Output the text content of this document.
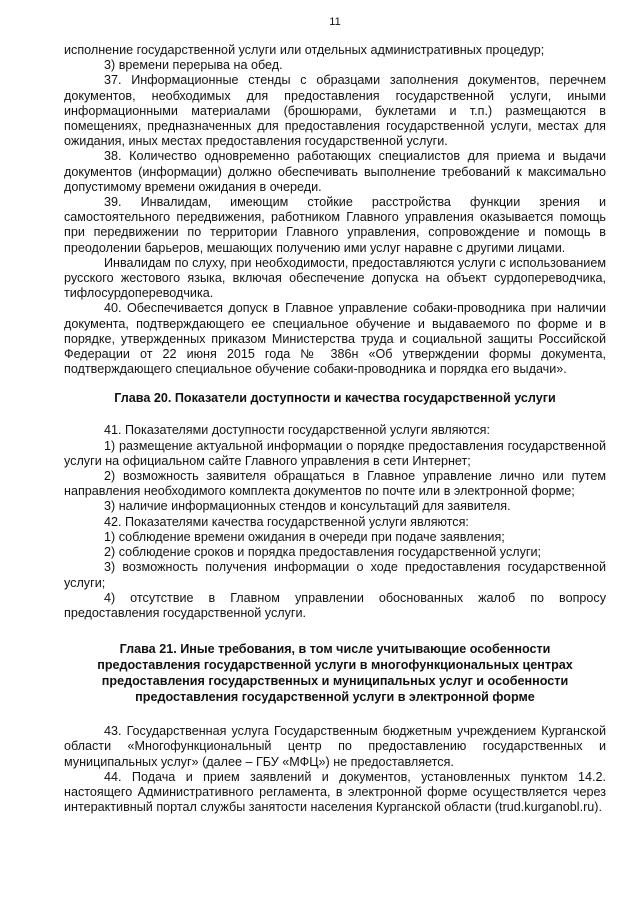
11

исполнение государственной услуги или отдельных административных процедур;

3) времени перерыва на обед.

37. Информационные стенды с образцами заполнения документов, перечнем документов, необходимых для предоставления государственной услуги, иными информационными материалами (брошюрами, буклетами и т.п.) размещаются в помещениях, предназначенных для предоставления государственной услуги, местах для ожидания, иных местах предоставления государственной услуги.

38. Количество одновременно работающих специалистов для приема и выдачи документов (информации) должно обеспечивать выполнение требований к максимально допустимому времени ожидания в очереди.

39. Инвалидам, имеющим стойкие расстройства функции зрения и самостоятельного передвижения, работником Главного управления оказывается помощь при передвижении по территории Главного управления, сопровождение и помощь в преодолении барьеров, мешающих получению ими услуг наравне с другими лицами.

Инвалидам по слуху, при необходимости, предоставляются услуги с использованием русского жестового языка, включая обеспечение допуска на объект сурдопереводчика, тифлосурдопереводчика.

40. Обеспечивается допуск в Главное управление собаки-проводника при наличии документа, подтверждающего ее специальное обучение и выдаваемого по форме и в порядке, утвержденных приказом Министерства труда и социальной защиты Российской Федерации от 22 июня 2015 года № 386н «Об утверждении формы документа, подтверждающего специальное обучение собаки-проводника и порядка его выдачи».

Глава 20. Показатели доступности и качества государственной услуги

41. Показателями доступности государственной услуги являются:

1) размещение актуальной информации о порядке предоставления государственной услуги на официальном сайте Главного управления в сети Интернет;

2) возможность заявителя обращаться в Главное управление лично или путем направления необходимого комплекта документов по почте или в электронной форме;

3) наличие информационных стендов и консультаций для заявителя.

42. Показателями качества государственной услуги являются:

1) соблюдение времени ожидания в очереди при подаче заявления;

2) соблюдение сроков и порядка предоставления государственной услуги;

3) возможность получения информации о ходе предоставления государственной услуги;

4) отсутствие в Главном управлении обоснованных жалоб по вопросу предоставления государственной услуги.

Глава 21. Иные требования, в том числе учитывающие особенности
предоставления государственной услуги в многофункциональных центрах
предоставления государственных и муниципальных услуг и особенности
предоставления государственной услуги в электронной форме

43. Государственная услуга Государственным бюджетным учреждением Курганской области «Многофункциональный центр по предоставлению государственных и муниципальных услуг» (далее – ГБУ «МФЦ») не предоставляется.

44. Подача и прием заявлений и документов, установленных пунктом 14.2. настоящего Административного регламента, в электронной форме осуществляется через интерактивный портал службы занятости населения Курганской области (trud.kurganobl.ru).
